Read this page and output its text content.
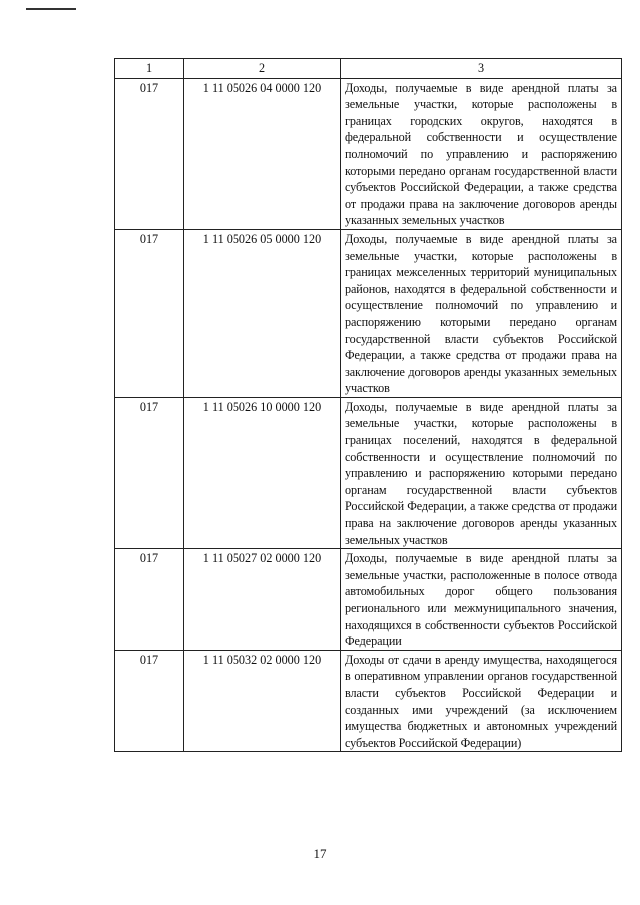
1	2	3
017	1 11 05026 04 0000 120	Доходы, получаемые в виде арендной платы за земельные участки, которые расположены в границах городских округов, находятся в федеральной собственности и осуществление полномочий по управлению и распоряжению которыми передано органам государственной власти субъектов Российской Федерации, а также средства от продажи права на заключение договоров аренды указанных земельных участков
017	1 11 05026 05 0000 120	Доходы, получаемые в виде арендной платы за земельные участки, которые расположены в границах межселенных территорий муниципальных районов, находятся в федеральной собственности и осуществление полномочий по управлению и распоряжению которыми передано органам государственной власти субъектов Российской Федерации, а также средства от продажи права на заключение договоров аренды указанных земельных участков
017	1 11 05026 10 0000 120	Доходы, получаемые в виде арендной платы за земельные участки, которые расположены в границах поселений, находятся в федеральной собственности и осуществление полномочий по управлению и распоряжению которыми передано органам государственной власти субъектов Российской Федерации, а также средства от продажи права на заключение договоров аренды указанных земельных участков
017	1 11 05027 02 0000 120	Доходы, получаемые в виде арендной платы за земельные участки, расположенные в полосе отвода автомобильных дорог общего пользования регионального или межмуниципального значения, находящихся в собственности субъектов Российской Федерации
017	1 11 05032 02 0000 120	Доходы от сдачи в аренду имущества, находящегося в оперативном управлении органов государственной власти субъектов Российской Федерации и созданных ими учреждений (за исключением имущества бюджетных и автономных учреждений субъектов Российской Федерации)
17
